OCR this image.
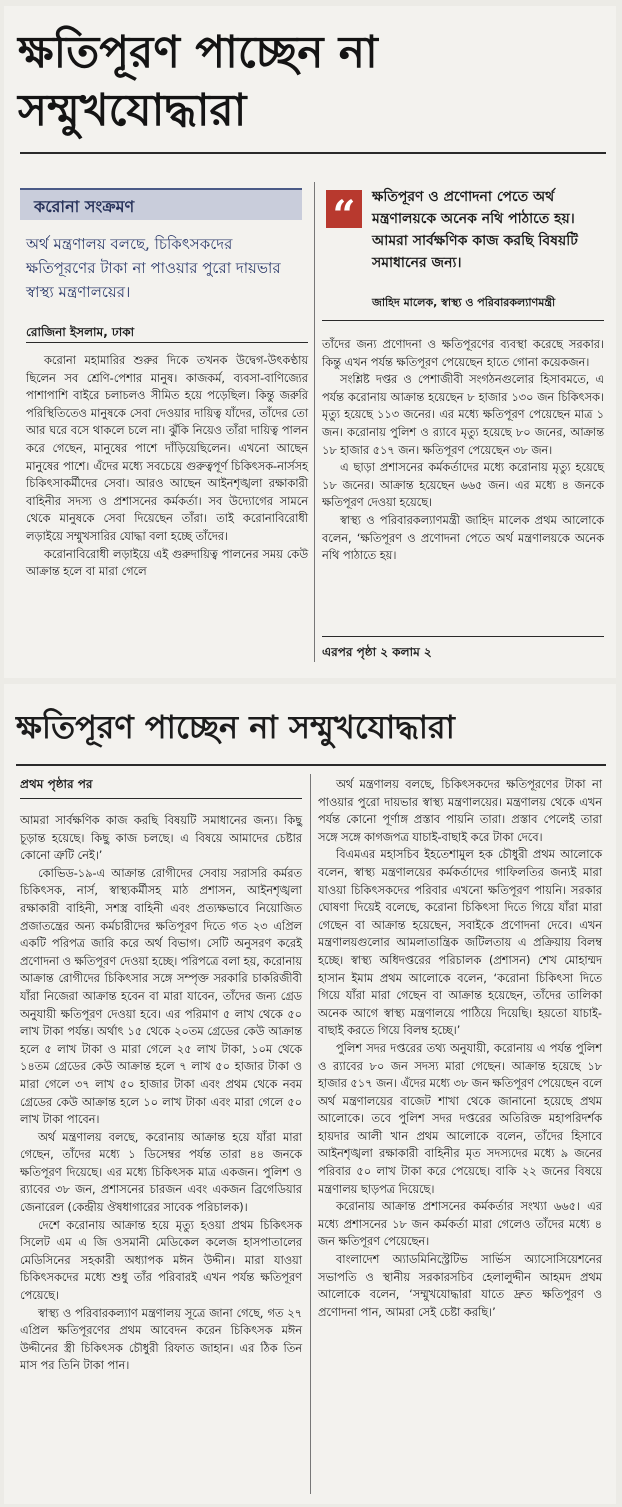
ক্ষতিপূরণ পাচ্ছেন না সম্মুখযোদ্ধারা
করোনা সংক্রমণ

অর্থ মন্ত্রণালয় বলছে, চিকিৎসকদের ক্ষতিপূরণের টাকা না পাওয়ার পুরো দায়ভার স্বাস্থ্য মন্ত্রণালয়ের।

রোজিনা ইসলাম, ঢাকা
“	ক্ষতিপূরণ ও প্রণোদনা পেতে অর্থ মন্ত্রণালয়কে অনেক নথি পাঠাতে হয়। আমরা সার্বক্ষণিক কাজ করছি বিষয়টি সমাধানের জন্য।

জাহিদ মালেক, স্বাস্থ্য ও পরিবারকল্যাণমন্ত্রী

করোনা মহামারির শুরুর দিকে তখনক উদ্বেগ-উৎকণ্ঠায় ছিলেন সব শ্রেণি-পেশার মানুষ। কাজকর্ম, ব্যবসা-বাণিজ্যের পাশাপাশি বাইরে চলাচলও সীমিত হয়ে পড়েছিল। কিন্তু জরুরি পরিস্থিতিতেও মানুষকে সেবা দেওয়ার দায়িত্ব যাঁদের, তাঁদের তো আর ঘরে বসে থাকলে চলে না। ঝুঁকি নিয়েও তাঁরা দায়িত্ব পালন করে গেছেন, মানুষের পাশে দাঁড়িয়েছিলেন। এখনো আছেন মানুষের পাশে। এঁদের মধ্যে সবচেয়ে গুরুত্বপূর্ণ চিকিৎসক-নার্সসহ চিকিৎসাকর্মীদের সেবা। আরও আছেন আইনশৃঙ্খলা রক্ষাকারী বাহিনীর সদস্য ও প্রশাসনের কর্মকর্তা। সব উদ্যোগের সামনে থেকে মানুষকে সেবা দিয়েছেন তাঁরা। তাই করোনাবিরোধী লড়াইয়ে সম্মুখসারির যোদ্ধা বলা হচ্ছে তাঁদের।

করোনাবিরোধী লড়াইয়ে এই গুরুদায়িত্ব পালনের সময় কেউ আক্রান্ত হলে বা মারা গেলে

তাঁদের জন্য প্রণোদনা ও ক্ষতিপূরণের ব্যবস্থা করেছে সরকার। কিন্তু এখন পর্যন্ত ক্ষতিপূরণ পেয়েছেন হাতে গোনা কয়েকজন।

সংশ্লিষ্ট দপ্তর ও পেশাজীবী সংগঠনগুলোর হিসাবমতে, এ পর্যন্ত করোনায় আক্রান্ত হয়েছেন ৮ হাজার ১৩০ জন চিকিৎসক। মৃত্যু হয়েছে ১১৩ জনের। এর মধ্যে ক্ষতিপূরণ পেয়েছেন মাত্র ১ জন। করোনায় পুলিশ ও র‍্যাবে মৃত্যু হয়েছে ৮০ জনের, আক্রান্ত ১৮ হাজার ৫১৭ জন। ক্ষতিপূরণ পেয়েছেন ৩৮ জন।

এ ছাড়া প্রশাসনের কর্মকর্তাদের মধ্যে করোনায় মৃত্যু হয়েছে ১৮ জনের। আক্রান্ত হয়েছেন ৬৬৫ জন। এর মধ্যে ৪ জনকে ক্ষতিপূরণ দেওয়া হয়েছে।

স্বাস্থ্য ও পরিবারকল্যাণমন্ত্রী জাহিদ মালেক প্রথম আলোকে বলেন, ‘ক্ষতিপূরণ ও প্রণোদনা পেতে অর্থ মন্ত্রণালয়কে অনেক নথি পাঠাতে হয়।

এরপর পৃষ্ঠা ২ কলাম ২
ক্ষতিপূরণ পাচ্ছেন না সম্মুখযোদ্ধারা
প্রথম পৃষ্ঠার পর

আমরা সার্বক্ষণিক কাজ করছি বিষয়টি সমাধানের জন্য। কিছু চূড়ান্ত হয়েছে। কিছু কাজ চলছে। এ বিষয়ে আমাদের চেষ্টার কোনো ত্রুটি নেই।’

কোভিড-১৯-এ আক্রান্ত রোগীদের সেবায় সরাসরি কর্মরত চিকিৎসক, নার্স, স্বাস্থ্যকর্মীসহ মাঠ প্রশাসন, আইনশৃঙ্খলা রক্ষাকারী বাহিনী, সশস্ত্র বাহিনী এবং প্রত্যক্ষভাবে নিয়োজিত প্রজাতন্ত্রের অন্য কর্মচারীদের ক্ষতিপূরণ দিতে গত ২৩ এপ্রিল একটি পরিপত্র জারি করে অর্থ বিভাগ। সেটি অনুসরণ করেই প্রণোদনা ও ক্ষতিপূরণ দেওয়া হচ্ছে। পরিপত্রে বলা হয়, করোনায় আক্রান্ত রোগীদের চিকিৎসার সঙ্গে সম্পৃক্ত সরকারি চাকরিজীবী যাঁরা নিজেরা আক্রান্ত হবেন বা মারা যাবেন, তাঁদের জন্য গ্রেড অনুযায়ী ক্ষতিপূরণ দেওয়া হবে। এর পরিমাণ ৫ লাখ থেকে ৫০ লাখ টাকা পর্যন্ত। অর্থাৎ ১৫ থেকে ২০তম গ্রেডের কেউ আক্রান্ত হলে ৫ লাখ টাকা ও মারা গেলে ২৫ লাখ টাকা, ১০ম থেকে ১৪তম গ্রেডের কেউ আক্রান্ত হলে ৭ লাখ ৫০ হাজার টাকা ও মারা গেলে ৩৭ লাখ ৫০ হাজার টাকা এবং প্রথম থেকে নবম গ্রেডের কেউ আক্রান্ত হলে ১০ লাখ টাকা এবং মারা গেলে ৫০ লাখ টাকা পাবেন।

অর্থ মন্ত্রণালয় বলছে, করোনায় আক্রান্ত হয়ে যাঁরা মারা গেছেন, তাঁদের মধ্যে ১ ডিসেম্বর পর্যন্ত তারা ৪৪ জনকে ক্ষতিপূরণ দিয়েছে। এর মধ্যে চিকিৎসক মাত্র একজন। পুলিশ ও র‍্যাবের ৩৮ জন, প্রশাসনের চারজন এবং একজন ব্রিগেডিয়ার জেনারেল (কেন্দ্রীয় ঔষধাগারের সাবেক পরিচালক)।

দেশে করোনায় আক্রান্ত হয়ে মৃত্যু হওয়া প্রথম চিকিৎসক সিলেট এম এ জি ওসমানী মেডিকেল কলেজ হাসপাতালের মেডিসিনের সহকারী অধ্যাপক মঈন উদ্দীন। মারা যাওয়া চিকিৎসকদের মধ্যে শুধু তাঁর পরিবারই এখন পর্যন্ত ক্ষতিপূরণ পেয়েছে।

স্বাস্থ্য ও পরিবারকল্যাণ মন্ত্রণালয় সূত্রে জানা গেছে, গত ২৭ এপ্রিল ক্ষতিপূরণের প্রথম আবেদন করেন চিকিৎসক মঈন উদ্দীনের স্ত্রী চিকিৎসক চৌধুরী রিফাত জাহান। এর ঠিক তিন মাস পর তিনি টাকা পান।

অর্থ মন্ত্রণালয় বলছে, চিকিৎসকদের ক্ষতিপূরণের টাকা না পাওয়ার পুরো দায়ভার স্বাস্থ্য মন্ত্রণালয়ের। মন্ত্রণালয় থেকে এখন পর্যন্ত কোনো পূর্ণাঙ্গ প্রস্তাব পায়নি তারা। প্রস্তাব পেলেই তারা সঙ্গে সঙ্গে কাগজপত্র যাচাই-বাছাই করে টাকা দেবে।

বিএমএর মহাসচিব ইহতেশামুল হক চৌধুরী প্রথম আলোকে বলেন, স্বাস্থ্য মন্ত্রণালয়ের কর্মকর্তাদের গাফিলতির জন্যই মারা যাওয়া চিকিৎসকদের পরিবার এখনো ক্ষতিপূরণ পায়নি। সরকার ঘোষণা দিয়েই বলেছে, করোনা চিকিৎসা দিতে গিয়ে যাঁরা মারা গেছেন বা আক্রান্ত হয়েছেন, সবাইকে প্রণোদনা দেবে। এখন মন্ত্রণালয়গুলোর আমলাতান্ত্রিক জটিলতায় এ প্রক্রিয়ায় বিলম্ব হচ্ছে। স্বাস্থ্য অধিদপ্তরের পরিচালক (প্রশাসন) শেখ মোহাম্মদ হাসান ইমাম প্রথম আলোকে বলেন, ‘করোনা চিকিৎসা দিতে গিয়ে যাঁরা মারা গেছেন বা আক্রান্ত হয়েছেন, তাঁদের তালিকা অনেক আগে স্বাস্থ্য মন্ত্রণালয়ে পাঠিয়ে দিয়েছি। হয়তো যাচাই-বাছাই করতে গিয়ে বিলম্ব হচ্ছে।’

পুলিশ সদর দপ্তরের তথ্য অনুযায়ী, করোনায় এ পর্যন্ত পুলিশ ও র‍্যাবের ৮০ জন সদস্য মারা গেছেন। আক্রান্ত হয়েছে ১৮ হাজার ৫১৭ জন। এঁদের মধ্যে ৩৮ জন ক্ষতিপূরণ পেয়েছেন বলে অর্থ মন্ত্রণালয়ের বাজেট শাখা থেকে জানানো হয়েছে প্রথম আলোকে। তবে পুলিশ সদর দপ্তরের অতিরিক্ত মহাপরিদর্শক হায়দার আলী খান প্রথম আলোকে বলেন, তাঁদের হিসাবে আইনশৃঙ্খলা রক্ষাকারী বাহিনীর মৃত সদস্যদের মধ্যে ৯ জনের পরিবার ৫০ লাখ টাকা করে পেয়েছে। বাকি ২২ জনের বিষয়ে মন্ত্রণালয় ছাড়পত্র দিয়েছে।

করোনায় আক্রান্ত প্রশাসনের কর্মকর্তার সংখ্যা ৬৬৫। এর মধ্যে প্রশাসনের ১৮ জন কর্মকর্তা মারা গেলেও তাঁদের মধ্যে ৪ জন ক্ষতিপূরণ পেয়েছেন।

বাংলাদেশ অ্যাডমিনিস্ট্রেটিভ সার্ভিস অ্যাসোসিয়েশনের সভাপতি ও স্থানীয় সরকারসচিব হেলালুদ্দীন আহমদ প্রথম আলোকে বলেন, ‘সম্মুখযোদ্ধারা যাতে দ্রুত ক্ষতিপূরণ ও প্রণোদনা পান, আমরা সেই চেষ্টা করছি।’
